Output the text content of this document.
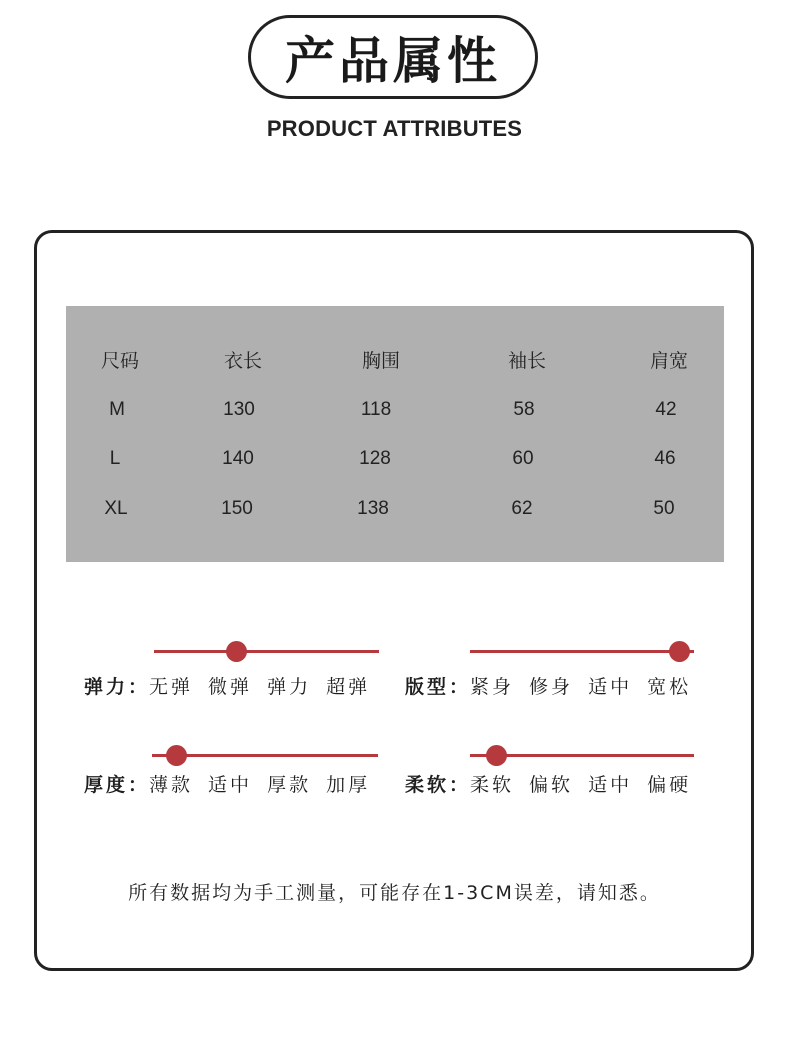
产品属性
PRODUCT ATTRIBUTES
尺码	衣长	胸围	袖长	肩宽
M	130	118	58	42
L	140	128	60	46
XL	150	138	62	50
弹力： 无弹 微弹 弹力 超弹	版型： 紧身 修身 适中 宽松
厚度： 薄款 适中 厚款 加厚	柔软： 柔软 偏软 适中 偏硬
所有数据均为手工测量，可能存在1-3CM误差，请知悉。
